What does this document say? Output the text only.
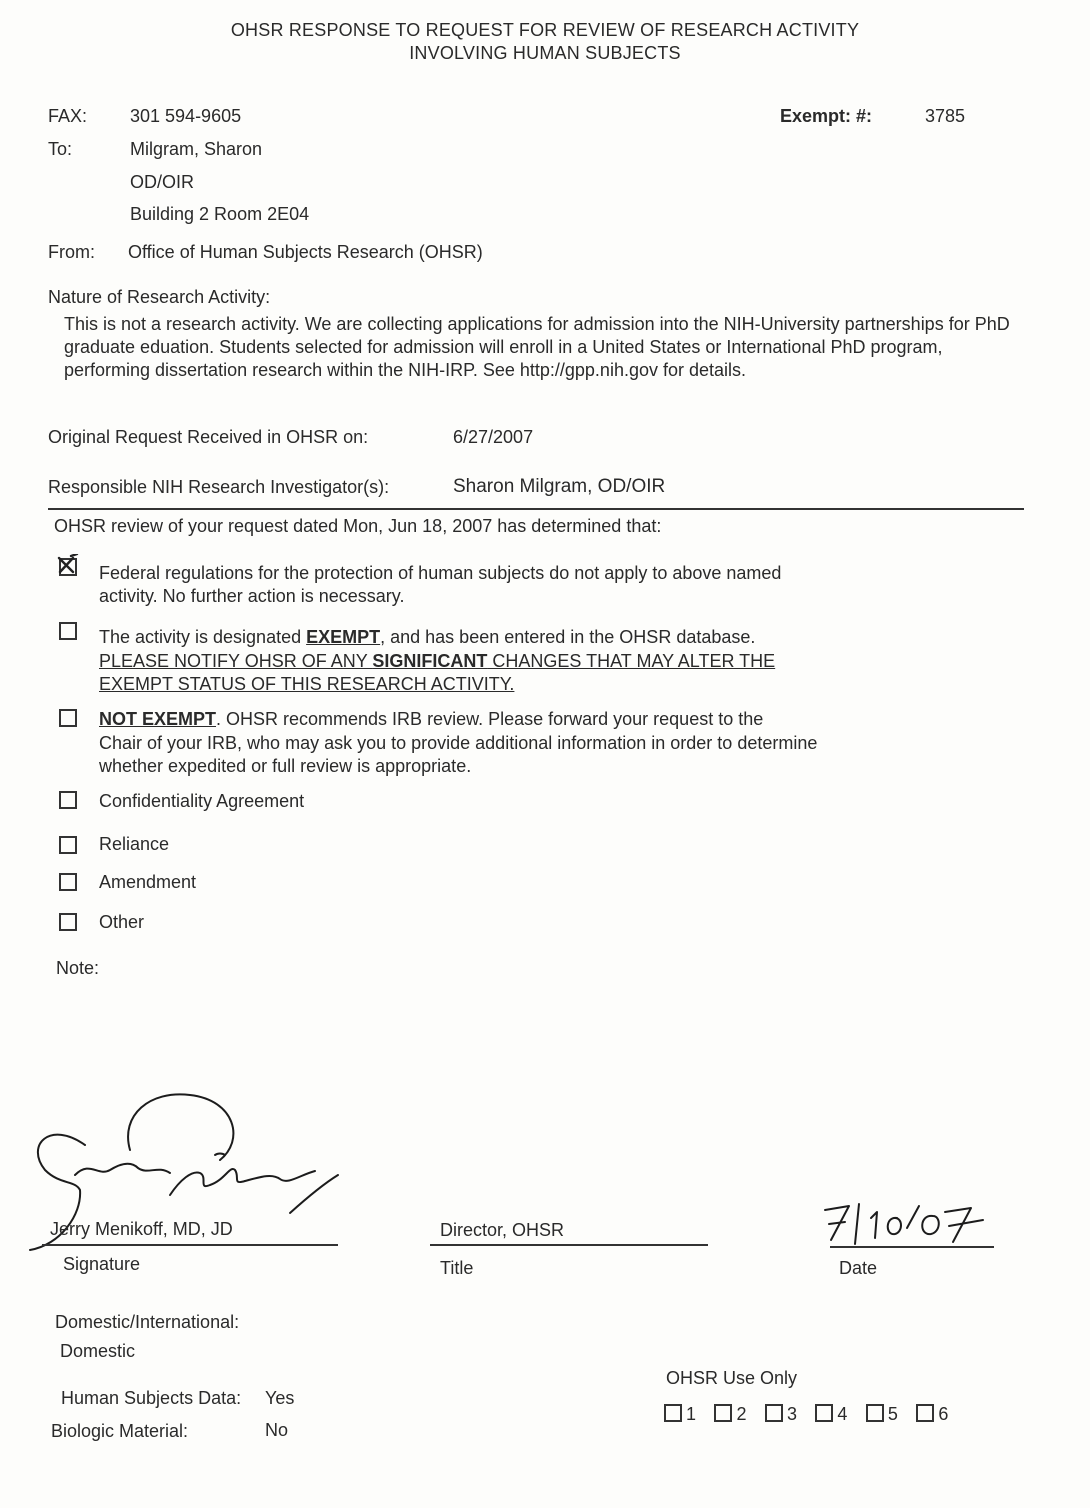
OHSR RESPONSE TO REQUEST FOR REVIEW OF RESEARCH ACTIVITY
INVOLVING HUMAN SUBJECTS
FAX: 301 594-9605	Exempt: #:	3785
To:	Milgram, Sharon
OD/OIR
Building 2 Room 2E04
From: Office of Human Subjects Research (OHSR)
Nature of Research Activity:
This is not a research activity. We are collecting applications for admission into the NIH-University partnerships for PhD graduate eduation. Students selected for admission will enroll in a United States or International PhD program, performing dissertation research within the NIH-IRP. See http://gpp.nih.gov for details.
Original Request Received in OHSR on:	6/27/2007
Responsible NIH Research Investigator(s):	Sharon Milgram, OD/OIR
OHSR review of your request dated Mon, Jun 18, 2007 has determined that:
Federal regulations for the protection of human subjects do not apply to above named
activity. No further action is necessary.
The activity is designated EXEMPT, and has been entered in the OHSR database.
PLEASE NOTIFY OHSR OF ANY SIGNIFICANT CHANGES THAT MAY ALTER THE
EXEMPT STATUS OF THIS RESEARCH ACTIVITY.
NOT EXEMPT. OHSR recommends IRB review. Please forward your request to the
Chair of your IRB, who may ask you to provide additional information in order to determine
whether expedited or full review is appropriate.
Confidentiality Agreement
Reliance
Amendment
Other
Note:
Jerry Menikoff, MD, JD
Signature
Director, OHSR
Title	Date
Domestic/International:
Domestic
Human Subjects Data: Yes
Biologic Material:	No
OHSR Use Only
1 2 3 4 5 6
